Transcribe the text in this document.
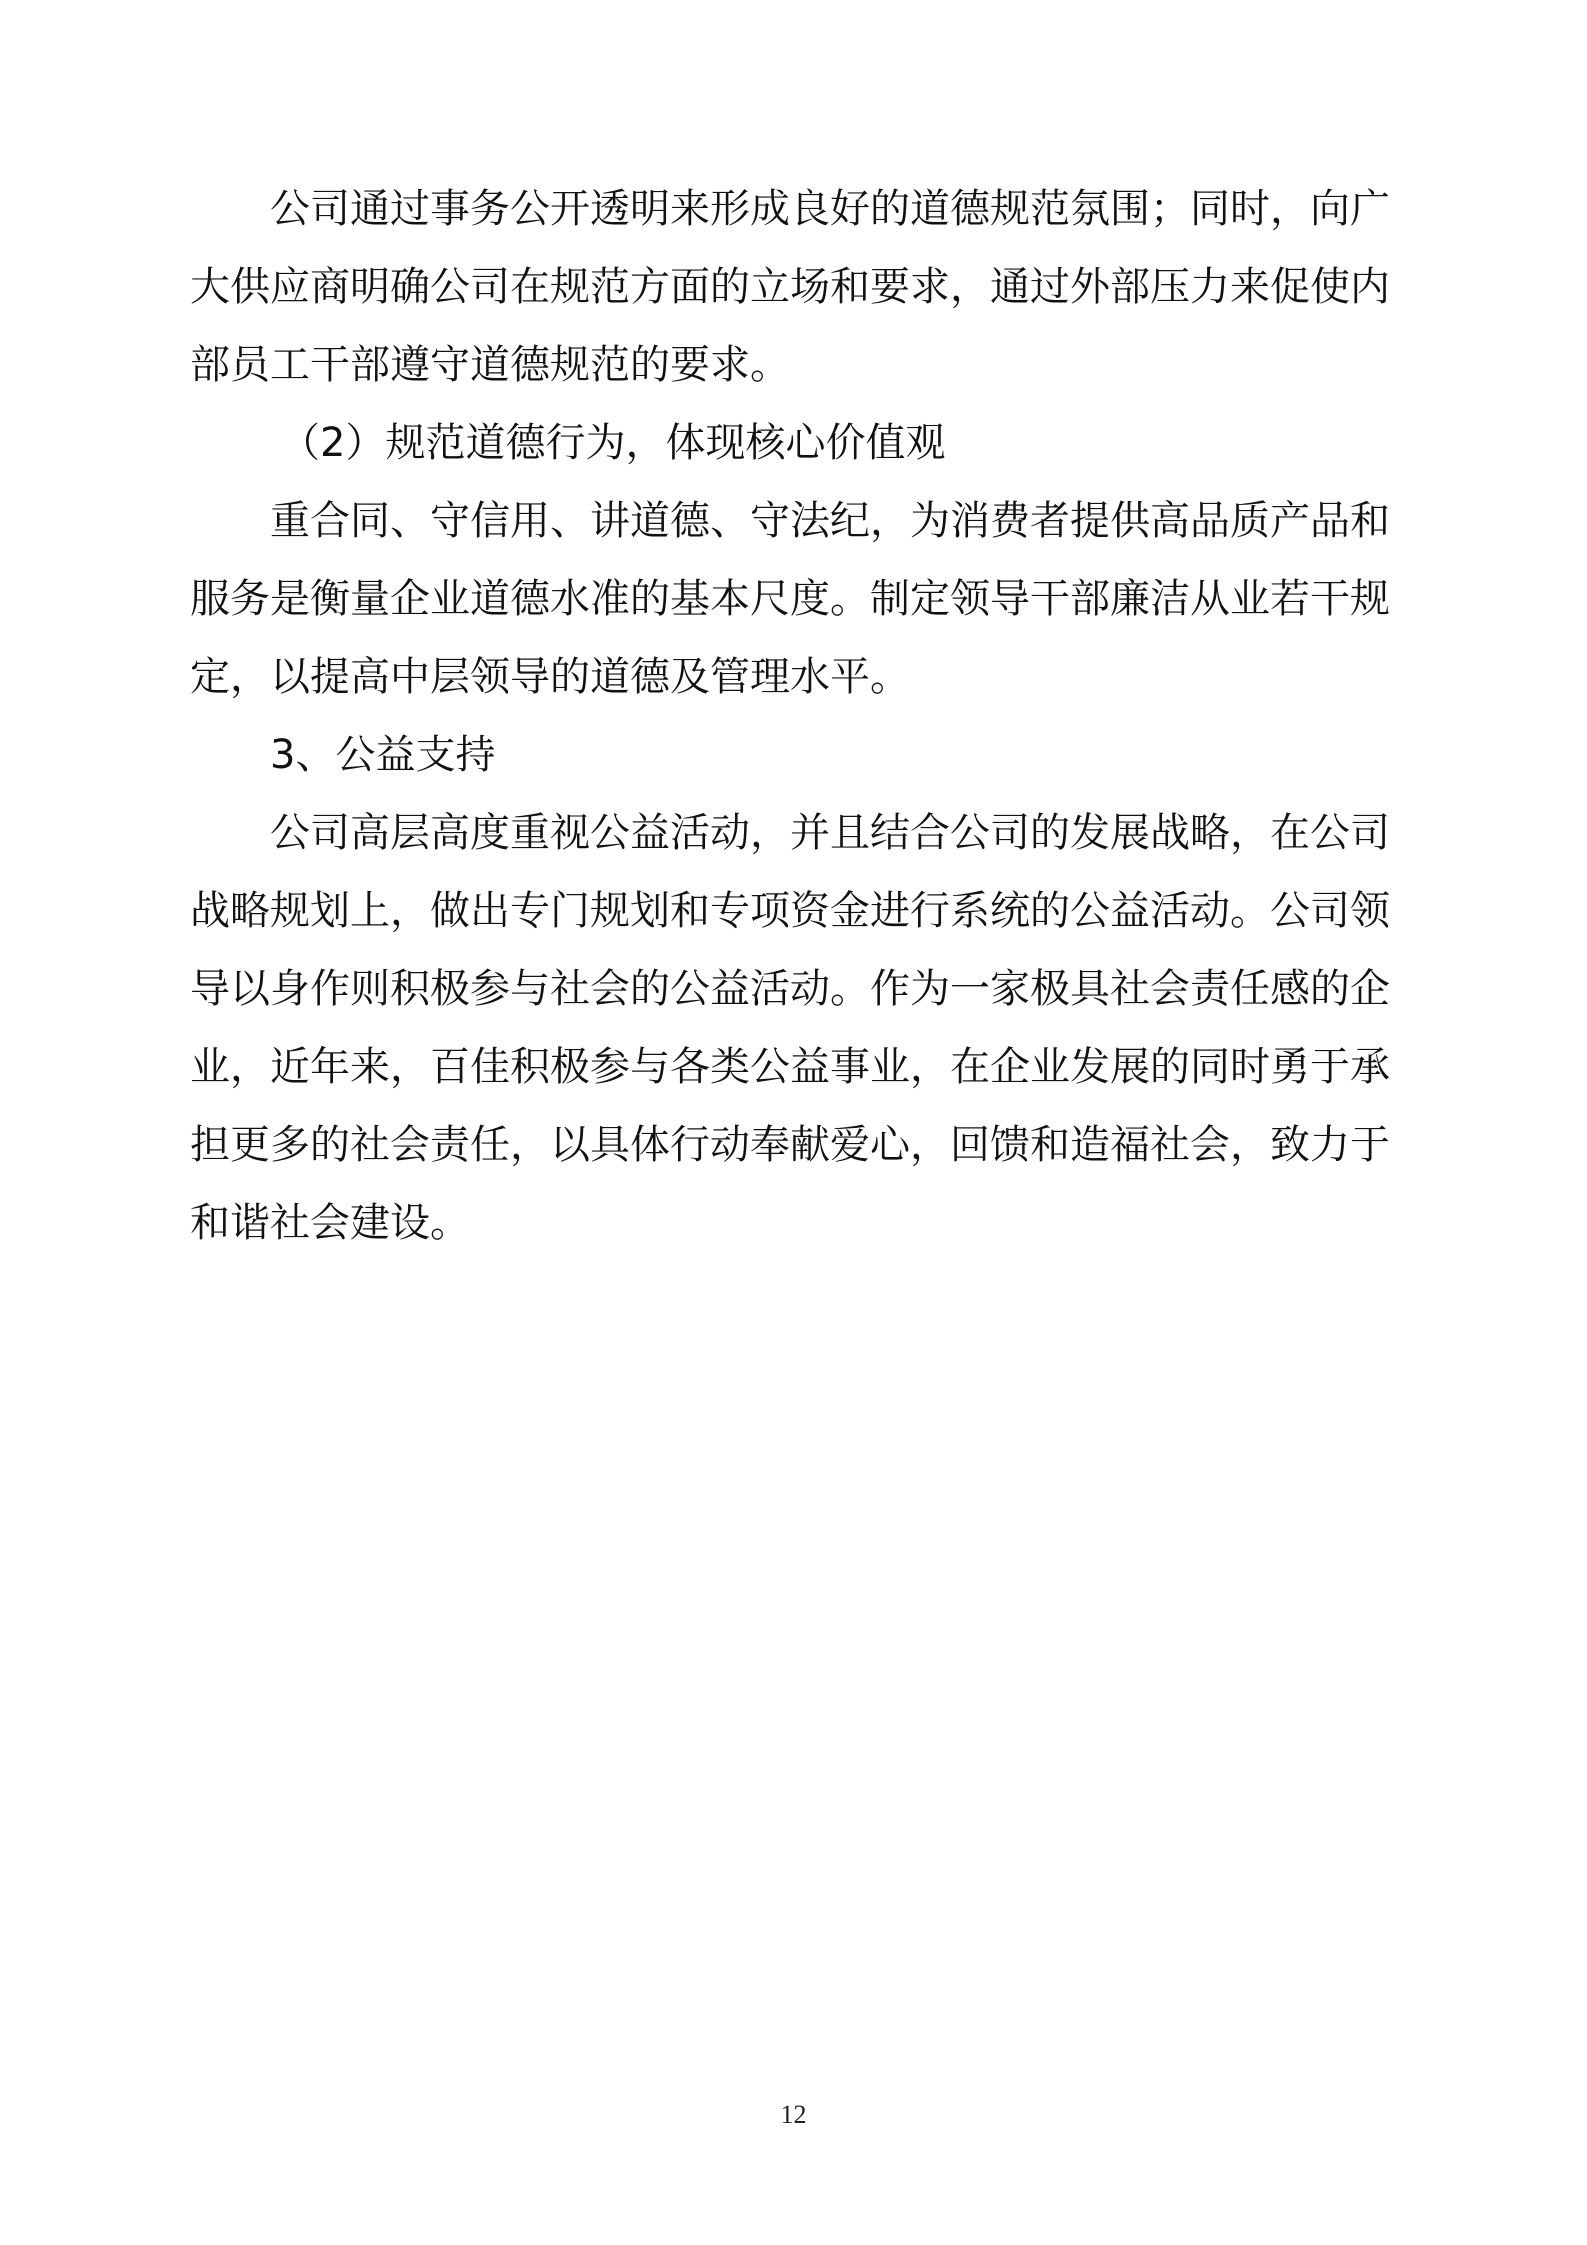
公司通过事务公开透明来形成良好的道德规范氛围；同时，向广
大供应商明确公司在规范方面的立场和要求，通过外部压力来促使内
部员工干部遵守道德规范的要求。
（2）规范道德行为，体现核心价值观
重合同、守信用、讲道德、守法纪，为消费者提供高品质产品和
服务是衡量企业道德水准的基本尺度。制定领导干部廉洁从业若干规
定，以提高中层领导的道德及管理水平。
3、公益支持
公司高层高度重视公益活动，并且结合公司的发展战略，在公司
战略规划上，做出专门规划和专项资金进行系统的公益活动。公司领
导以身作则积极参与社会的公益活动。作为一家极具社会责任感的企
业，近年来，百佳积极参与各类公益事业，在企业发展的同时勇于承
担更多的社会责任，以具体行动奉献爱心，回馈和造福社会，致力于
和谐社会建设。
12
